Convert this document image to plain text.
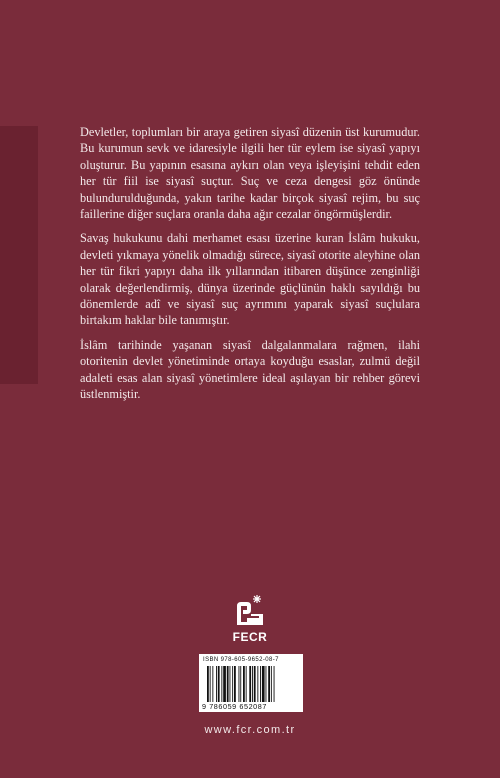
Devletler, toplumları bir araya getiren siyasî düzenin üst kurumudur. Bu kurumun sevk ve idaresiyle ilgili her tür eylem ise siyasî yapıyı oluşturur. Bu yapının esasına aykırı olan veya işleyişini tehdit eden her tür fiil ise siyasî suçtur. Suç ve ceza dengesi göz önünde bulundurulduğunda, yakın tarihe kadar birçok siyasî rejim, bu suç faillerine diğer suçlara oranla daha ağır cezalar öngörmüşlerdir.

Savaş hukukunu dahi merhamet esası üzerine kuran İslâm hukuku, devleti yıkmaya yönelik olmadığı sürece, siyasî otorite aleyhine olan her tür fikri yapıyı daha ilk yıllarından itibaren düşünce zenginliği olarak değerlendirmiş, dünya üzerinde güçlünün haklı sayıldığı bu dönemlerde adî ve siyasî suç ayrımını yaparak siyasî suçlulara birtakım haklar bile tanımıştır.

İslâm tarihinde yaşanan siyasî dalgalanmalara rağmen, ilahi otoritenin devlet yönetiminde ortaya koyduğu esaslar, zulmü değil adaleti esas alan siyasî yönetimlere ideal aşılayan bir rehber görevi üstlenmiştir.

FECR
ISBN 978-605-9652-08-7
9 786059 652087
www.fcr.com.tr
